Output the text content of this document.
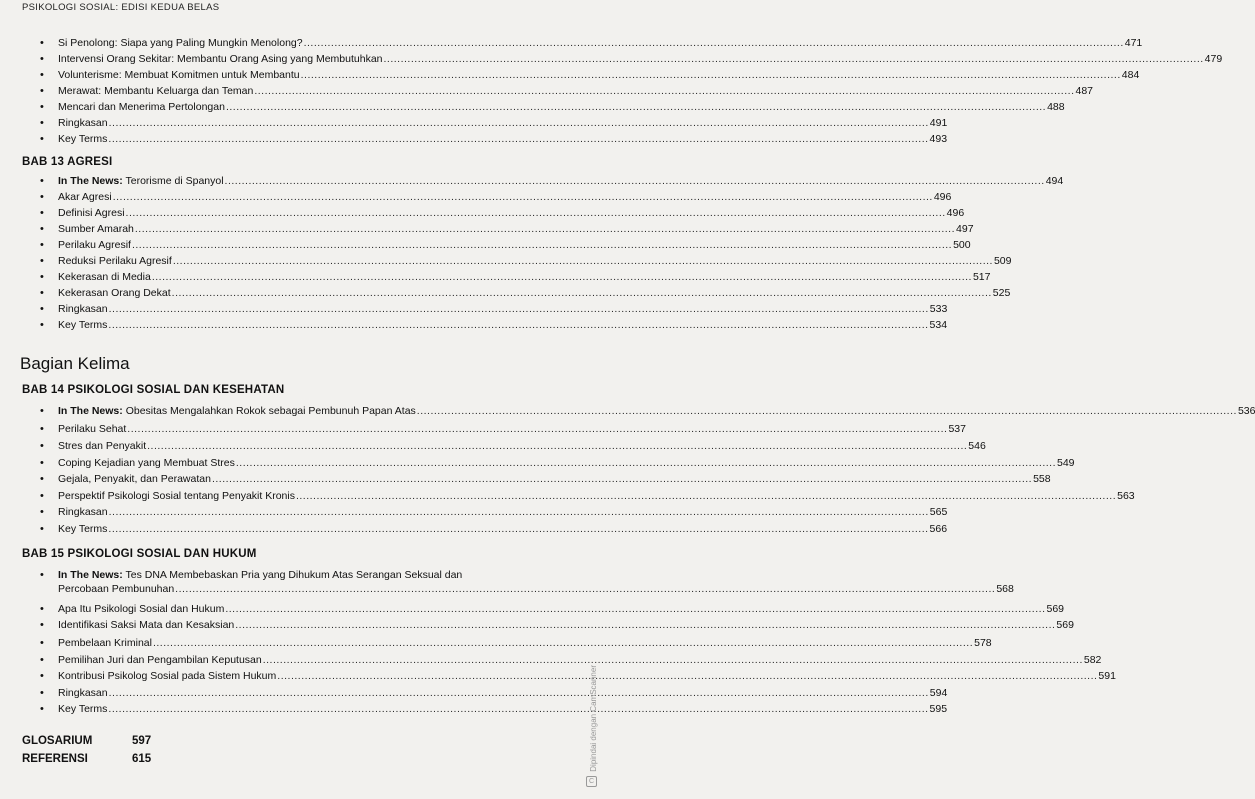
PSIKOLOGI SOSIAL: EDISI KEDUA BELAS
•	Si Penolong: Siapa yang Paling Mungkin Menolong? .....	471
•	Intervensi Orang Sekitar: Membantu Orang Asing yang Membutuhkan .....	479
•	Volunterisme: Membuat Komitmen untuk Membantu .....	484
•	Merawat: Membantu Keluarga dan Teman .....	487
•	Mencari dan Menerima Pertolongan .....	488
•	Ringkasan .....	491
•	Key Terms .....	493
BAB 13 AGRESI
•	In The News: Terorisme di Spanyol .....	494
•	Akar Agresi .....	496
•	Definisi Agresi .....	496
•	Sumber Amarah .....	497
•	Perilaku Agresif .....	500
•	Reduksi Perilaku Agresif .....	509
•	Kekerasan di Media .....	517
•	Kekerasan Orang Dekat .....	525
•	Ringkasan .....	533
•	Key Terms .....	534
Bagian Kelima
BAB 14 PSIKOLOGI SOSIAL DAN KESEHATAN
•	In The News: Obesitas Mengalahkan Rokok sebagai Pembunuh Papan Atas .....	536
•	Perilaku Sehat .....	537
•	Stres dan Penyakit .....	546
•	Coping Kejadian yang Membuat Stres .....	549
•	Gejala, Penyakit, dan Perawatan .....	558
•	Perspektif Psikologi Sosial tentang Penyakit Kronis .....	563
•	Ringkasan .....	565
•	Key Terms .....	566
BAB 15 PSIKOLOGI SOSIAL DAN HUKUM
•	In The News: Tes DNA Membebaskan Pria yang Dihukum Atas Serangan Seksual dan
Percobaan Pembunuhan .....	568
•	Apa Itu Psikologi Sosial dan Hukum .....	569
•	Identifikasi Saksi Mata dan Kesaksian .....	569
•	Pembelaan Kriminal .....	578
•	Pemilihan Juri dan Pengambilan Keputusan .....	582
•	Kontribusi Psikolog Sosial pada Sistem Hukum .....	591
•	Ringkasan .....	594
•	Key Terms .....	595
GLOSARIUM	597
REFERENSI	615	Dipindai dengan CamScanner
C
